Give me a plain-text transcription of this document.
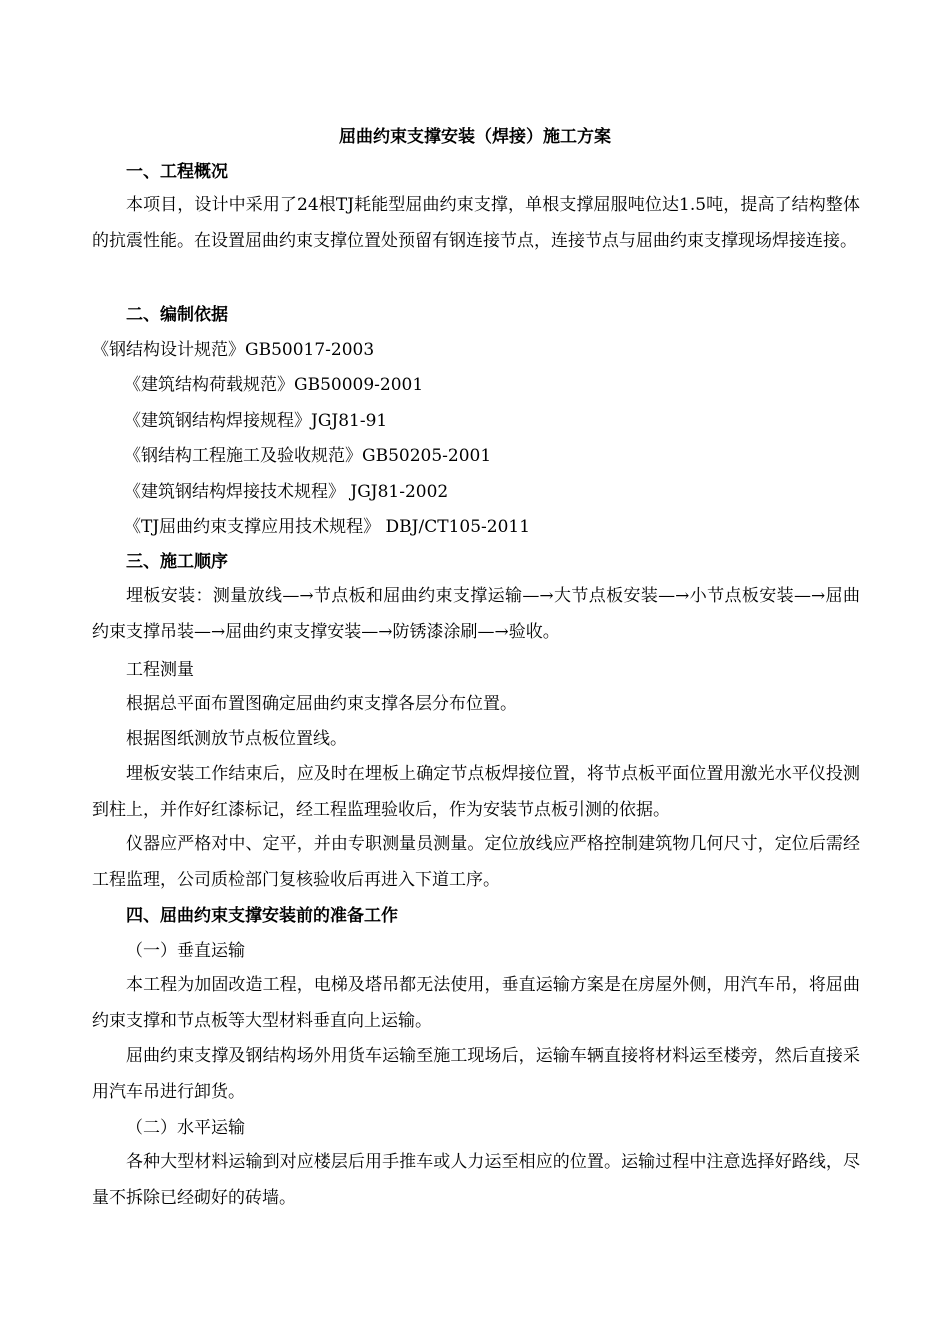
屈曲约束支撑安装（焊接）施工方案
一、工程概况
本项目，设计中采用了24根TJ耗能型屈曲约束支撑，单根支撑屈服吨位达1.5吨，提高了结构整体的抗震性能。在设置屈曲约束支撑位置处预留有钢连接节点，连接节点与屈曲约束支撑现场焊接连接。
二、编制依据
《钢结构设计规范》GB50017-2003
《建筑结构荷载规范》GB50009-2001
《建筑钢结构焊接规程》JGJ81-91
《钢结构工程施工及验收规范》GB50205-2001
《建筑钢结构焊接技术规程》 JGJ81-2002
《TJ屈曲约束支撑应用技术规程》 DBJ/CT105-2011
三、施工顺序
埋板安装：测量放线—→节点板和屈曲约束支撑运输—→大节点板安装—→小节点板安装—→屈曲约束支撑吊装—→屈曲约束支撑安装—→防锈漆涂刷—→验收。
工程测量
根据总平面布置图确定屈曲约束支撑各层分布位置。
根据图纸测放节点板位置线。
埋板安装工作结束后，应及时在埋板上确定节点板焊接位置，将节点板平面位置用激光水平仪投测到柱上，并作好红漆标记，经工程监理验收后，作为安装节点板引测的依据。
仪器应严格对中、定平，并由专职测量员测量。定位放线应严格控制建筑物几何尺寸，定位后需经工程监理，公司质检部门复核验收后再进入下道工序。
四、屈曲约束支撑安装前的准备工作
（一）垂直运输
本工程为加固改造工程，电梯及塔吊都无法使用，垂直运输方案是在房屋外侧，用汽车吊，将屈曲约束支撑和节点板等大型材料垂直向上运输。
屈曲约束支撑及钢结构场外用货车运输至施工现场后，运输车辆直接将材料运至楼旁，然后直接采用汽车吊进行卸货。
（二）水平运输
各种大型材料运输到对应楼层后用手推车或人力运至相应的位置。运输过程中注意选择好路线，尽量不拆除已经砌好的砖墙。
